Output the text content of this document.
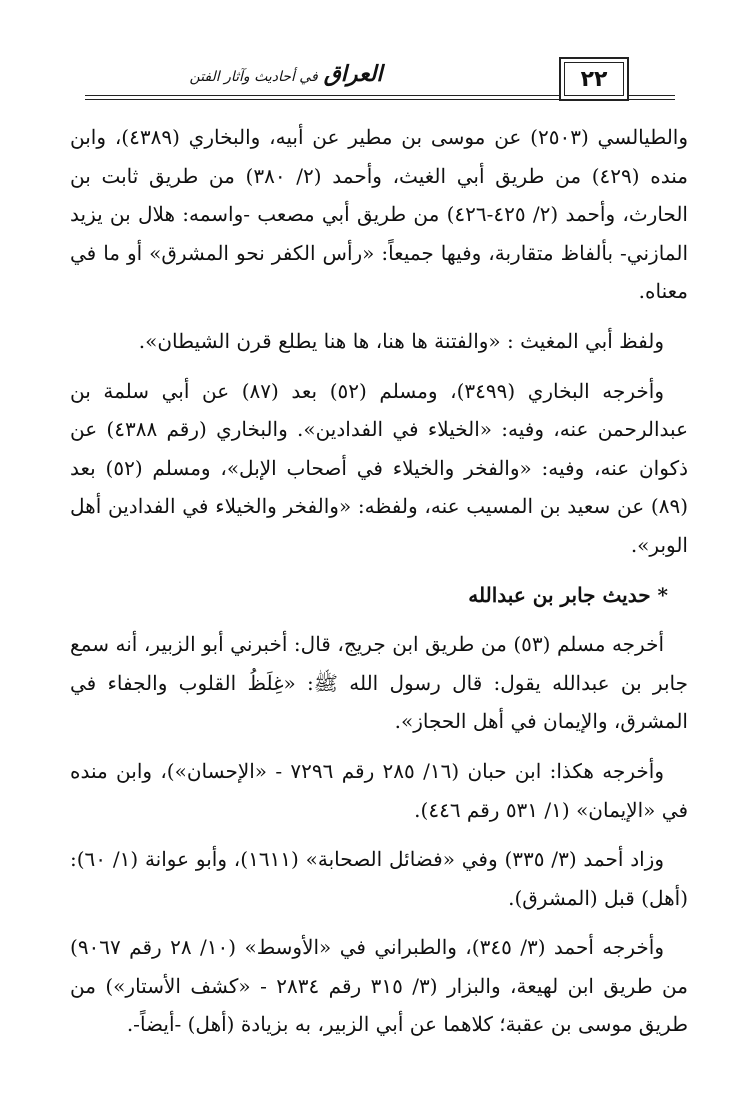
العراق في أحاديث وآثار الفتن	٢٢

والطيالسي (٢٥٠٣) عن موسى بن مطير عن أبيه، والبخاري (٤٣٨٩)، وابن منده (٤٢٩) من طريق أبي الغيث، وأحمد (٢/ ٣٨٠) من طريق ثابت بن الحارث، وأحمد (٢/ ٤٢٥-٤٢٦) من طريق أبي مصعب -واسمه: هلال بن يزيد المازني- بألفاظ متقاربة، وفيها جميعاً: «رأس الكفر نحو المشرق» أو ما في معناه.

ولفظ أبي المغيث : «والفتنة ها هنا، ها هنا يطلع قرن الشيطان».

وأخرجه البخاري (٣٤٩٩)، ومسلم (٥٢) بعد (٨٧) عن أبي سلمة بن عبدالرحمن عنه، وفيه: «الخيلاء في الفدادين». والبخاري (رقم ٤٣٨٨) عن ذكوان عنه، وفيه: «والفخر والخيلاء في أصحاب الإبل»، ومسلم (٥٢) بعد (٨٩) عن سعيد بن المسيب عنه، ولفظه: «والفخر والخيلاء في الفدادين أهل الوبر».

* حديث جابر بن عبدالله

أخرجه مسلم (٥٣) من طريق ابن جريج، قال: أخبرني أبو الزبير، أنه سمع جابر بن عبدالله يقول: قال رسول الله ﷺ: «غِلَظُ القلوب والجفاء في المشرق، والإيمان في أهل الحجاز».

وأخرجه هكذا: ابن حبان (١٦/ ٢٨٥ رقم ٧٢٩٦ - «الإحسان»)، وابن منده في «الإيمان» (١/ ٥٣١ رقم ٤٤٦).

وزاد أحمد (٣/ ٣٣٥) وفي «فضائل الصحابة» (١٦١١)، وأبو عوانة (١/ ٦٠): (أهل) قبل (المشرق).

وأخرجه أحمد (٣/ ٣٤٥)، والطبراني في «الأوسط» (١٠/ ٢٨ رقم ٩٠٦٧) من طريق ابن لهيعة، والبزار (٣/ ٣١٥ رقم ٢٨٣٤ - «كشف الأستار») من طريق موسى بن عقبة؛ كلاهما عن أبي الزبير، به بزيادة (أهل) -أيضاً-.
